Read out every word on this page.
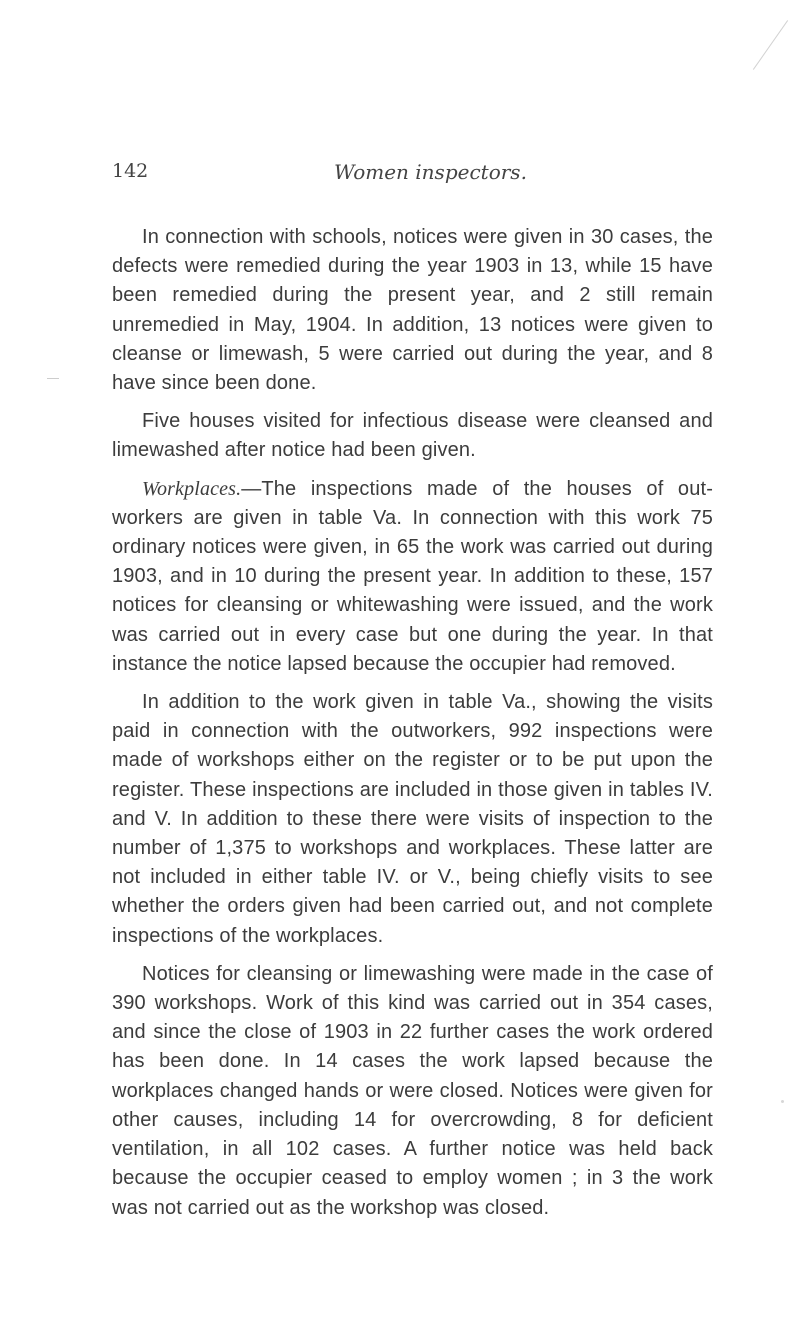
142	Women inspectors.

In connection with schools, notices were given in 30 cases, the defects were remedied during the year 1903 in 13, while 15 have been remedied during the present year, and 2 still remain unremedied in May, 1904. In addition, 13 notices were given to cleanse or limewash, 5 were carried out during the year, and 8 have since been done.

Five houses visited for infectious disease were cleansed and limewashed after notice had been given.

Workplaces.—The inspections made of the houses of out-workers are given in table Va. In connection with this work 75 ordinary notices were given, in 65 the work was carried out during 1903, and in 10 during the present year. In addition to these, 157 notices for cleansing or whitewashing were issued, and the work was carried out in every case but one during the year. In that instance the notice lapsed because the occupier had removed.

In addition to the work given in table Va., showing the visits paid in connection with the outworkers, 992 inspections were made of workshops either on the register or to be put upon the register. These inspections are included in those given in tables IV. and V. In addition to these there were visits of inspection to the number of 1,375 to workshops and workplaces. These latter are not included in either table IV. or V., being chiefly visits to see whether the orders given had been carried out, and not complete inspections of the workplaces.

Notices for cleansing or limewashing were made in the case of 390 workshops. Work of this kind was carried out in 354 cases, and since the close of 1903 in 22 further cases the work ordered has been done. In 14 cases the work lapsed because the workplaces changed hands or were closed. Notices were given for other causes, including 14 for overcrowding, 8 for deficient ventilation, in all 102 cases. A further notice was held back because the occupier ceased to employ women ; in 3 the work was not carried out as the workshop was closed.
